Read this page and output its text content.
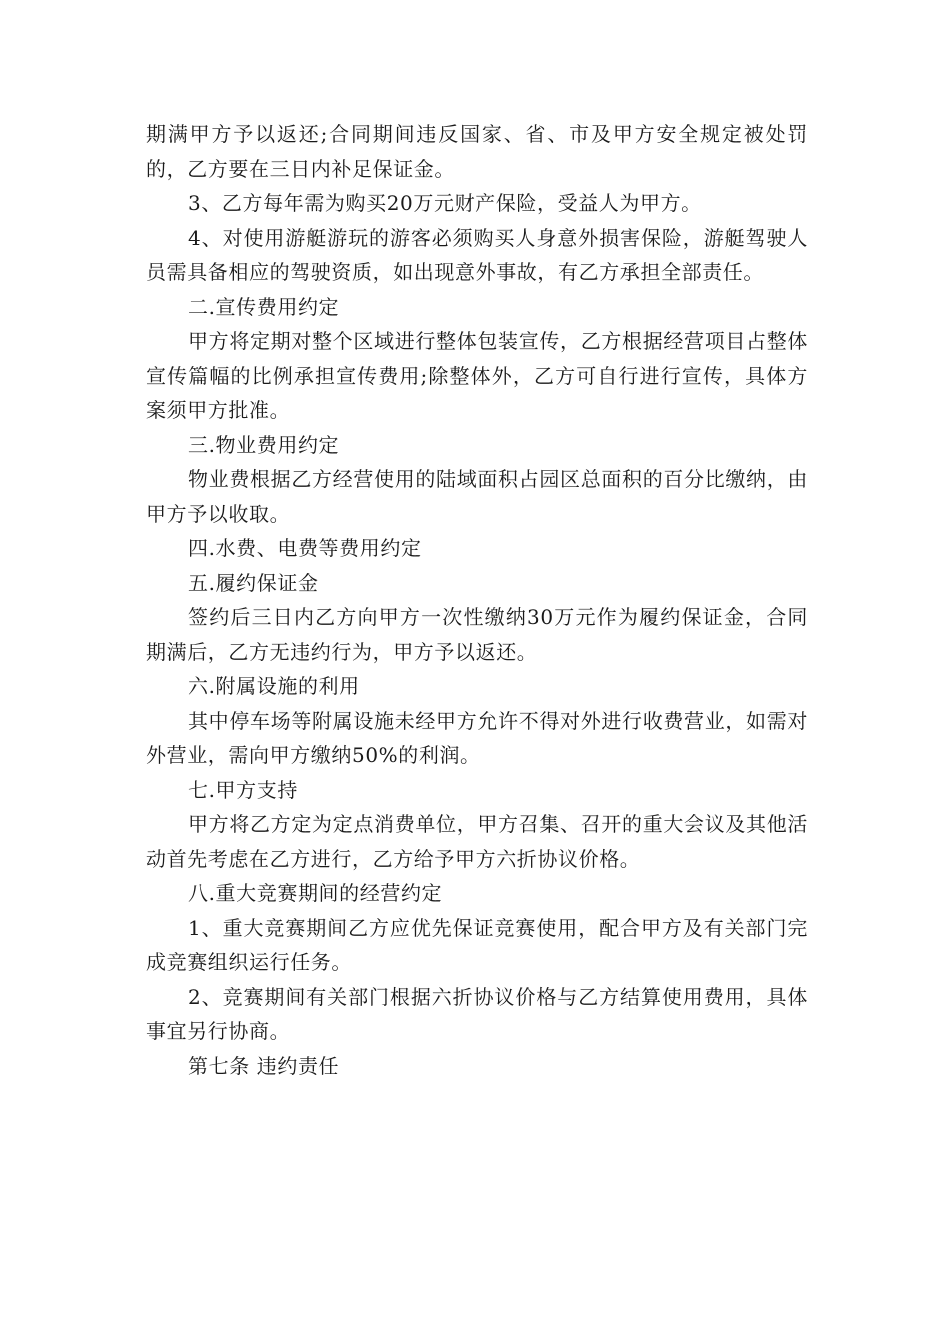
期满甲方予以返还;合同期间违反国家、省、市及甲方安全规定被处罚的，乙方要在三日内补足保证金。

3、乙方每年需为购买20万元财产保险，受益人为甲方。

4、对使用游艇游玩的游客必须购买人身意外损害保险，游艇驾驶人员需具备相应的驾驶资质，如出现意外事故，有乙方承担全部责任。

二.宣传费用约定

甲方将定期对整个区域进行整体包装宣传，乙方根据经营项目占整体宣传篇幅的比例承担宣传费用;除整体外，乙方可自行进行宣传，具体方案须甲方批准。

三.物业费用约定

物业费根据乙方经营使用的陆域面积占园区总面积的百分比缴纳，由甲方予以收取。

四.水费、电费等费用约定

五.履约保证金

签约后三日内乙方向甲方一次性缴纳30万元作为履约保证金，合同期满后，乙方无违约行为，甲方予以返还。

六.附属设施的利用

其中停车场等附属设施未经甲方允许不得对外进行收费营业，如需对外营业，需向甲方缴纳50%的利润。

七.甲方支持

甲方将乙方定为定点消费单位，甲方召集、召开的重大会议及其他活动首先考虑在乙方进行，乙方给予甲方六折协议价格。

八.重大竞赛期间的经营约定

1、重大竞赛期间乙方应优先保证竞赛使用，配合甲方及有关部门完成竞赛组织运行任务。

2、竞赛期间有关部门根据六折协议价格与乙方结算使用费用，具体事宜另行协商。

第七条 违约责任
